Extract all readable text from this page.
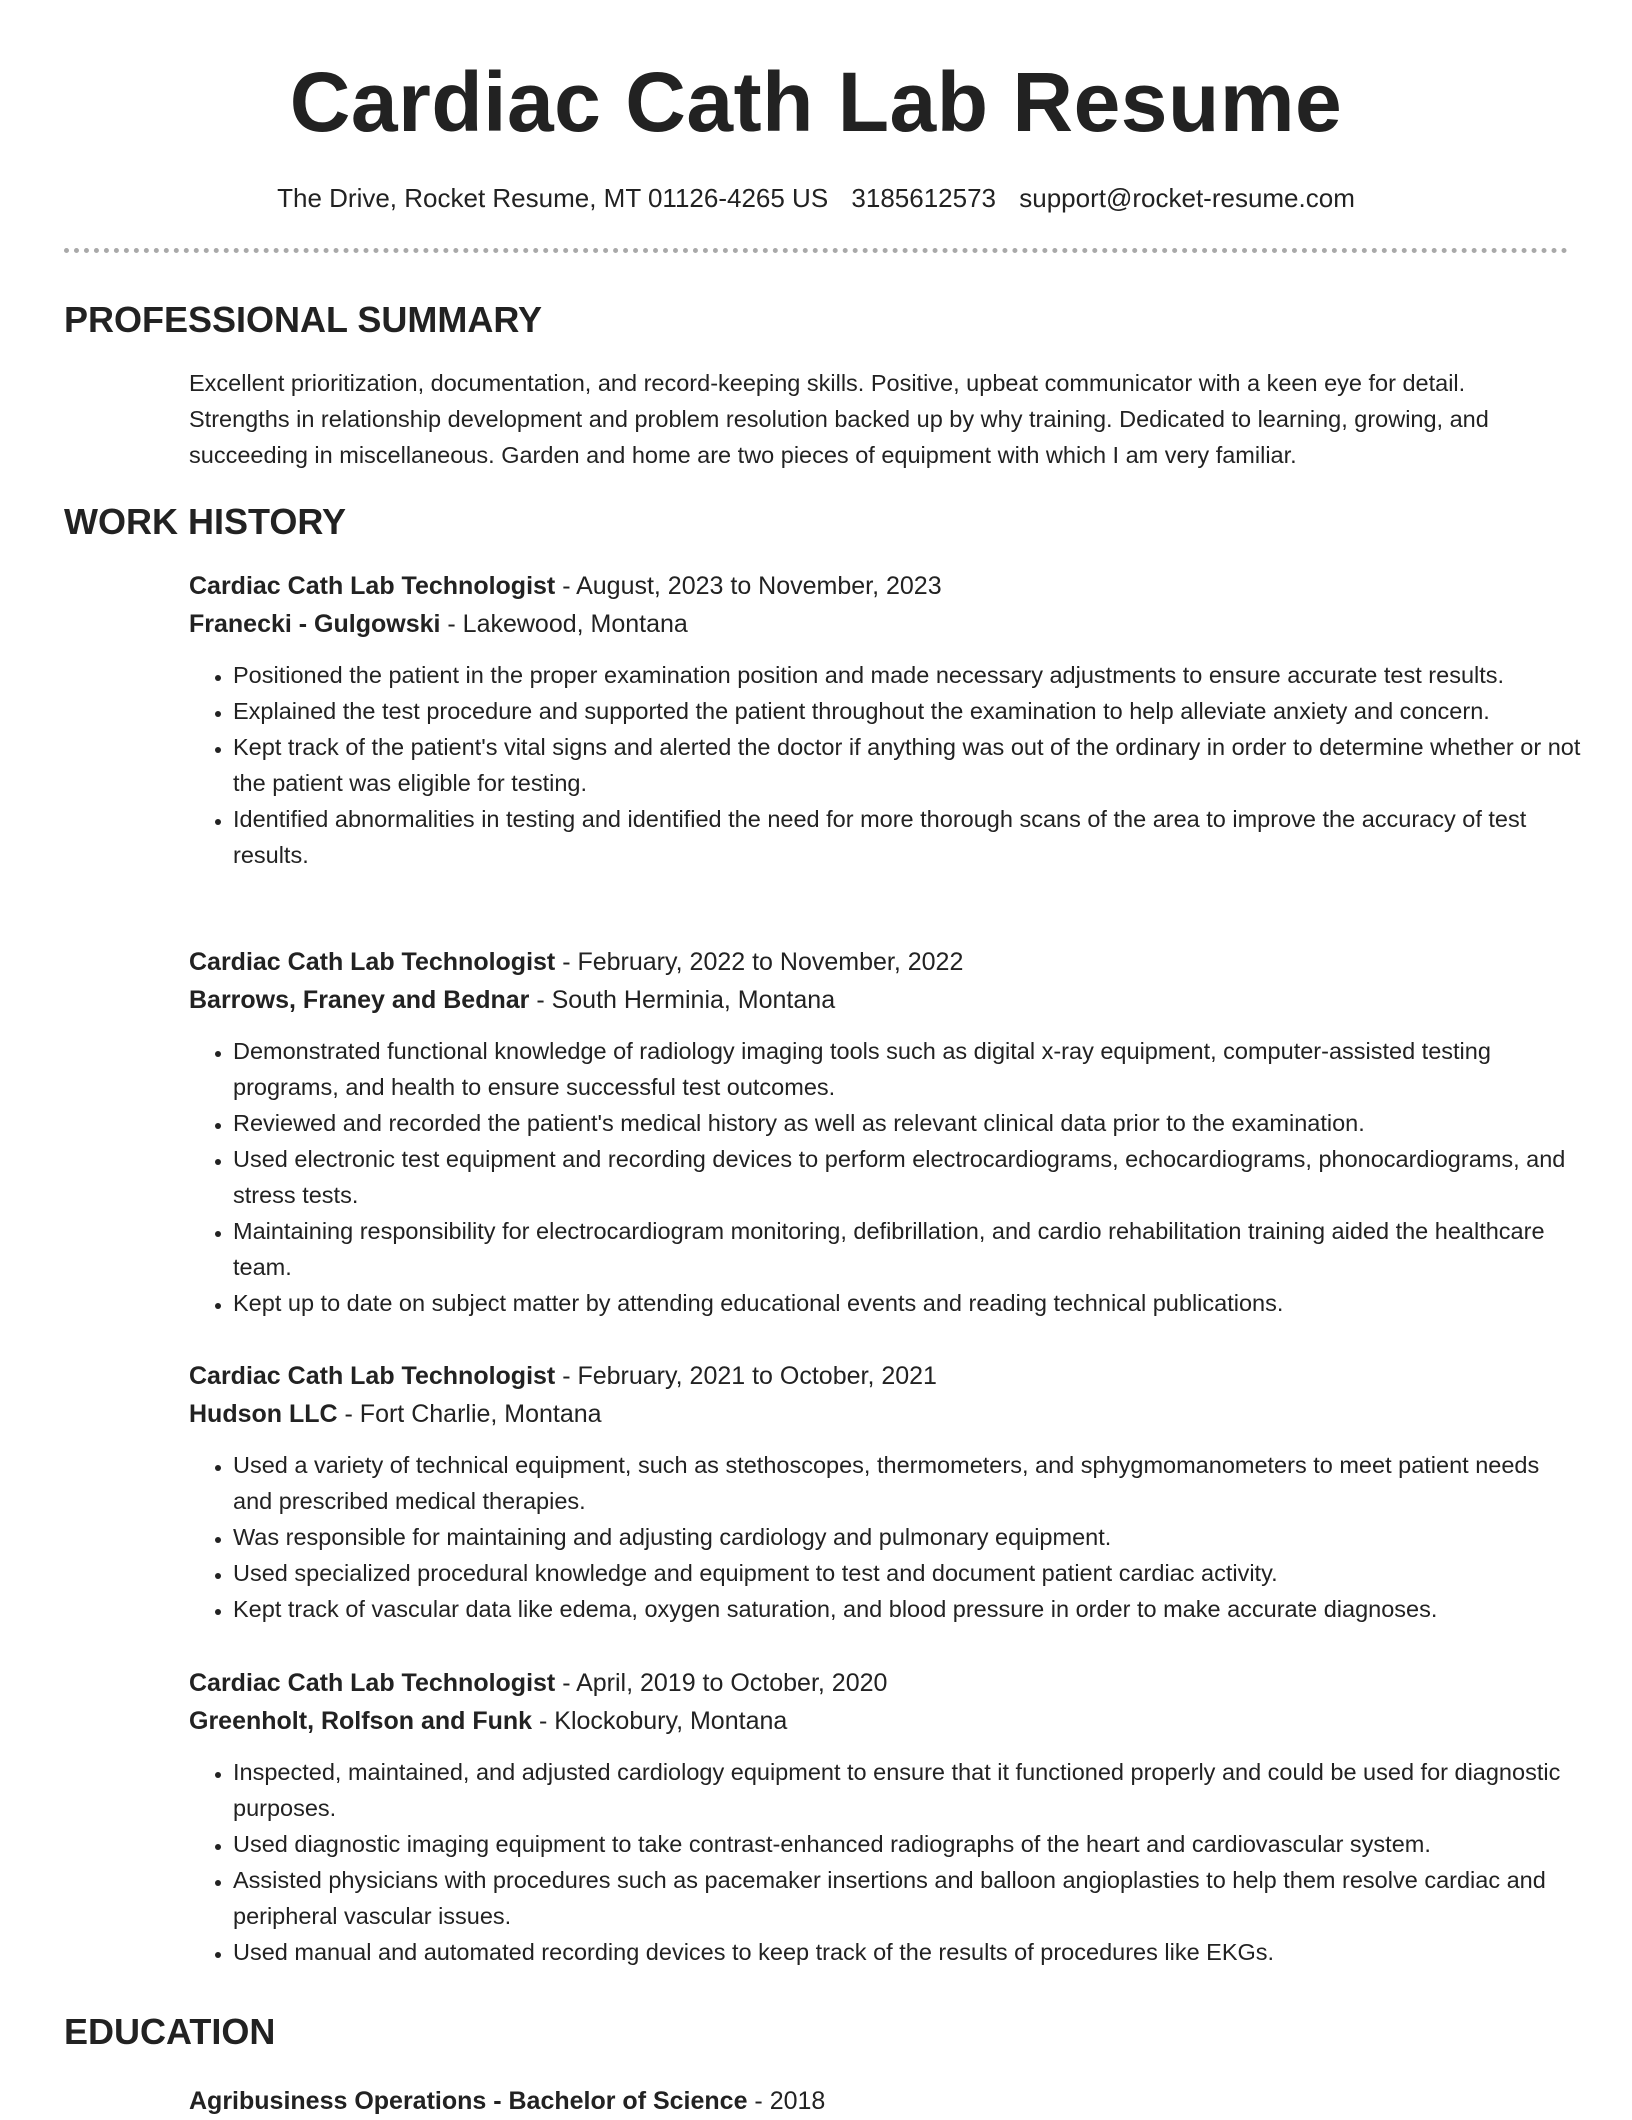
Cardiac Cath Lab Resume
The Drive, Rocket Resume, MT 01126-4265 US 3185612573 support@rocket-resume.com
PROFESSIONAL SUMMARY

Excellent prioritization, documentation, and record-keeping skills. Positive, upbeat communicator with a keen eye for detail. Strengths in relationship development and problem resolution backed up by why training. Dedicated to learning, growing, and succeeding in miscellaneous. Garden and home are two pieces of equipment with which I am very familiar.

WORK HISTORY
Cardiac Cath Lab Technologist - August, 2023 to November, 2023
Franecki - Gulgowski - Lakewood, Montana
• Positioned the patient in the proper examination position and made necessary adjustments to ensure accurate test results.
• Explained the test procedure and supported the patient throughout the examination to help alleviate anxiety and concern.
• Kept track of the patient's vital signs and alerted the doctor if anything was out of the ordinary in order to determine whether or not the patient was eligible for testing.
• Identified abnormalities in testing and identified the need for more thorough scans of the area to improve the accuracy of test results.
Cardiac Cath Lab Technologist - February, 2022 to November, 2022
Barrows, Franey and Bednar - South Herminia, Montana
• Demonstrated functional knowledge of radiology imaging tools such as digital x-ray equipment, computer-assisted testing programs, and health to ensure successful test outcomes.
• Reviewed and recorded the patient's medical history as well as relevant clinical data prior to the examination.
• Used electronic test equipment and recording devices to perform electrocardiograms, echocardiograms, phonocardiograms, and stress tests.
• Maintaining responsibility for electrocardiogram monitoring, defibrillation, and cardio rehabilitation training aided the healthcare team.
• Kept up to date on subject matter by attending educational events and reading technical publications.
Cardiac Cath Lab Technologist - February, 2021 to October, 2021
Hudson LLC - Fort Charlie, Montana
• Used a variety of technical equipment, such as stethoscopes, thermometers, and sphygmomanometers to meet patient needs and prescribed medical therapies.
• Was responsible for maintaining and adjusting cardiology and pulmonary equipment.
• Used specialized procedural knowledge and equipment to test and document patient cardiac activity.
• Kept track of vascular data like edema, oxygen saturation, and blood pressure in order to make accurate diagnoses.
Cardiac Cath Lab Technologist - April, 2019 to October, 2020
Greenholt, Rolfson and Funk - Klockobury, Montana
• Inspected, maintained, and adjusted cardiology equipment to ensure that it functioned properly and could be used for diagnostic purposes.
• Used diagnostic imaging equipment to take contrast-enhanced radiographs of the heart and cardiovascular system.
• Assisted physicians with procedures such as pacemaker insertions and balloon angioplasties to help them resolve cardiac and peripheral vascular issues.
• Used manual and automated recording devices to keep track of the results of procedures like EKGs.
EDUCATION
Agribusiness Operations - Bachelor of Science - 2018
